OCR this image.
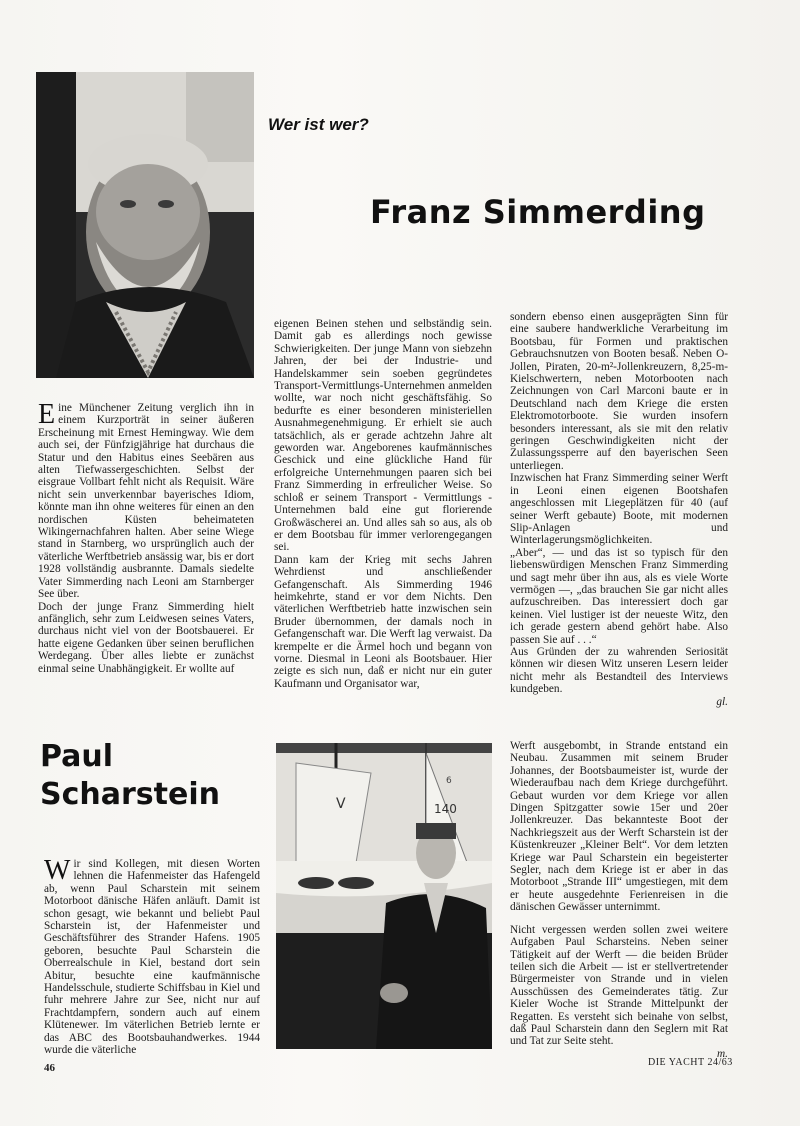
Wer ist wer?
Franz Simmerding

Eine Münchener Zeitung verglich ihn in einem Kurzporträt in seiner äußeren Erscheinung mit Ernest Hemingway. Wie dem auch sei, der Fünfzigjährige hat durchaus die Statur und den Habitus eines Seebären aus alten Tiefwassergeschichten. Selbst der eisgraue Vollbart fehlt nicht als Requisit. Wäre nicht sein unverkennbar bayerisches Idiom, könnte man ihn ohne weiteres für einen an den nordischen Küsten beheimateten Wikingernachfahren halten. Aber seine Wiege stand in Starnberg, wo ursprünglich auch der väterliche Werftbetrieb ansässig war, bis er dort 1928 vollständig ausbrannte. Damals siedelte Vater Simmerding nach Leoni am Starnberger See über.

Doch der junge Franz Simmerding hielt anfänglich, sehr zum Leidwesen seines Vaters, durchaus nicht viel von der Bootsbauerei. Er hatte eigene Gedanken über seinen beruflichen Werdegang. Über alles liebte er zunächst einmal seine Unabhängigkeit. Er wollte auf

eigenen Beinen stehen und selbständig sein. Damit gab es allerdings noch gewisse Schwierigkeiten. Der junge Mann von siebzehn Jahren, der bei der Industrie- und Handelskammer sein soeben gegründetes Transport-Vermittlungs-Unternehmen anmelden wollte, war noch nicht geschäftsfähig. So bedurfte es einer besonderen ministeriellen Ausnahmegenehmigung. Er erhielt sie auch tatsächlich, als er gerade achtzehn Jahre alt geworden war. Angeborenes kaufmännisches Geschick und eine glückliche Hand für erfolgreiche Unternehmungen paaren sich bei Franz Simmerding in erfreulicher Weise. So schloß er seinem Transport - Vermittlungs - Unternehmen bald eine gut florierende Großwäscherei an. Und alles sah so aus, als ob er dem Bootsbau für immer verlorengegangen sei.

Dann kam der Krieg mit sechs Jahren Wehrdienst und anschließender Gefangenschaft. Als Simmerding 1946 heimkehrte, stand er vor dem Nichts. Den väterlichen Werftbetrieb hatte inzwischen sein Bruder übernommen, der damals noch in Gefangenschaft war. Die Werft lag verwaist. Da krempelte er die Ärmel hoch und begann von vorne. Diesmal in Leoni als Bootsbauer. Hier zeigte es sich nun, daß er nicht nur ein guter Kaufmann und Organisator war,

sondern ebenso einen ausgeprägten Sinn für eine saubere handwerkliche Verarbeitung im Bootsbau, für Formen und praktischen Gebrauchsnutzen von Booten besaß. Neben O-Jollen, Piraten, 20-m²-Jollenkreuzern, 8,25-m-Kielschwertern, neben Motorbooten nach Zeichnungen von Carl Marconi baute er in Deutschland nach dem Kriege die ersten Elektromotorboote. Sie wurden insofern besonders interessant, als sie mit den relativ geringen Geschwindigkeiten nicht der Zulassungssperre auf den bayerischen Seen unterliegen.

Inzwischen hat Franz Simmerding seiner Werft in Leoni einen eigenen Bootshafen angeschlossen mit Liegeplätzen für 40 (auf seiner Werft gebaute) Boote, mit modernen Slip-Anlagen und Winterlagerungsmöglichkeiten.

„Aber“, — und das ist so typisch für den liebenswürdigen Menschen Franz Simmerding und sagt mehr über ihn aus, als es viele Worte vermögen —, „das brauchen Sie gar nicht alles aufzuschreiben. Das interessiert doch gar keinen. Viel lustiger ist der neueste Witz, den ich gerade gestern abend gehört habe. Also passen Sie auf . . .“

Aus Gründen der zu wahrenden Seriosität können wir diesen Witz unseren Lesern leider nicht mehr als Bestandteil des Interviews kundgeben.

gl.

Paul
Scharstein

Wir sind Kollegen, mit diesen Worten lehnen die Hafenmeister das Hafengeld ab, wenn Paul Scharstein mit seinem Motorboot dänische Häfen anläuft. Damit ist schon gesagt, wie bekannt und beliebt Paul Scharstein ist, der Hafenmeister und Geschäftsführer des Strander Hafens. 1905 geboren, besuchte Paul Scharstein die Oberrealschule in Kiel, bestand dort sein Abitur, besuchte eine kaufmännische Handelsschule, studierte Schiffsbau in Kiel und fuhr mehrere Jahre zur See, nicht nur auf Frachtdampfern, sondern auch auf einem Klütenewer. Im väterlichen Betrieb lernte er das ABC des Bootsbauhandwerkes. 1944 wurde die väterliche

V
6
140

Werft ausgebombt, in Strande entstand ein Neubau. Zusammen mit seinem Bruder Johannes, der Bootsbaumeister ist, wurde der Wiederaufbau nach dem Kriege durchgeführt. Gebaut wurden vor dem Kriege vor allen Dingen Spitzgatter sowie 15er und 20er Jollenkreuzer. Das bekannteste Boot der Nachkriegszeit aus der Werft Scharstein ist der Küstenkreuzer „Kleiner Belt“. Vor dem letzten Kriege war Paul Scharstein ein begeisterter Segler, nach dem Kriege ist er aber in das Motorboot „Strande III“ umgestiegen, mit dem er heute ausgedehnte Ferienreisen in die dänischen Gewässer unternimmt.

Nicht vergessen werden sollen zwei weitere Aufgaben Paul Scharsteins. Neben seiner Tätigkeit auf der Werft — die beiden Brüder teilen sich die Arbeit — ist er stellvertretender Bürgermeister von Strande und in vielen Ausschüssen des Gemeinderates tätig. Zur Kieler Woche ist Strande Mittelpunkt der Regatten. Es versteht sich beinahe von selbst, daß Paul Scharstein dann den Seglern mit Rat und Tat zur Seite steht.

m.

46	DIE YACHT 24/63
